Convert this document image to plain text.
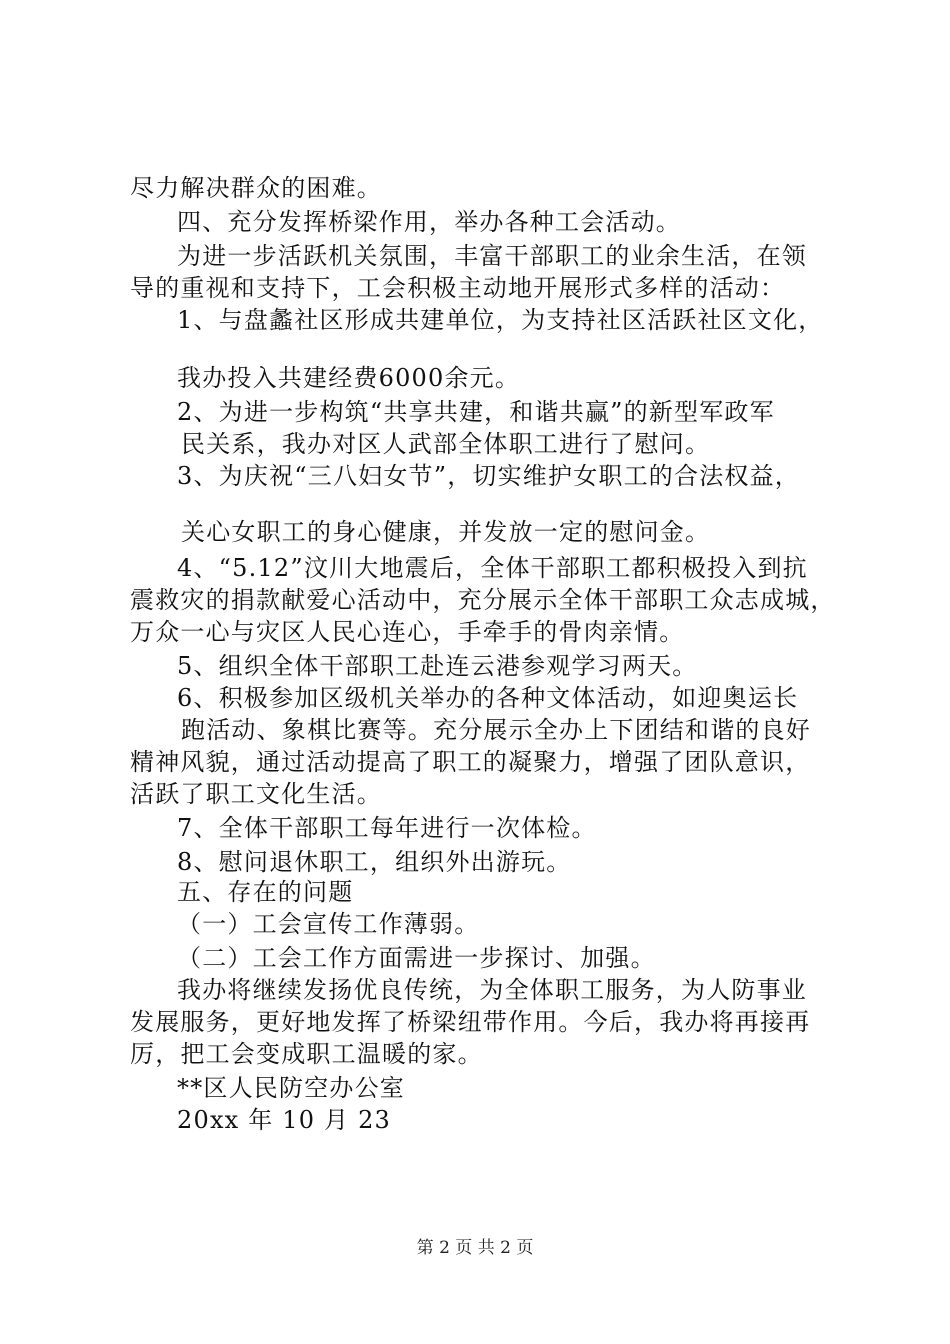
尽力解决群众的困难。
四、充分发挥桥梁作用，举办各种工会活动。
为进一步活跃机关氛围，丰富干部职工的业余生活，在领
导的重视和支持下，工会积极主动地开展形式多样的活动：
1、与盘蠡社区形成共建单位，为支持社区活跃社区文化，
我办投入共建经费6000余元。
2、为进一步构筑“共享共建，和谐共赢”的新型军政军
民关系，我办对区人武部全体职工进行了慰问。
3、为庆祝“三八妇女节”，切实维护女职工的合法权益，
关心女职工的身心健康，并发放一定的慰问金。
4、“5.12”汶川大地震后，全体干部职工都积极投入到抗
震救灾的捐款献爱心活动中，充分展示全体干部职工众志成城，
万众一心与灾区人民心连心，手牵手的骨肉亲情。
5、组织全体干部职工赴连云港参观学习两天。
6、积极参加区级机关举办的各种文体活动，如迎奥运长
跑活动、象棋比赛等。充分展示全办上下团结和谐的良好
精神风貌，通过活动提高了职工的凝聚力，增强了团队意识，
活跃了职工文化生活。
7、全体干部职工每年进行一次体检。
8、慰问退休职工，组织外出游玩。
五、存在的问题
（一）工会宣传工作薄弱。
（二）工会工作方面需进一步探讨、加强。
我办将继续发扬优良传统，为全体职工服务，为人防事业
发展服务，更好地发挥了桥梁纽带作用。今后，我办将再接再
厉，把工会变成职工温暖的家。
**区人民防空办公室
20xx 年 10 月 23
第 2 页 共 2 页
